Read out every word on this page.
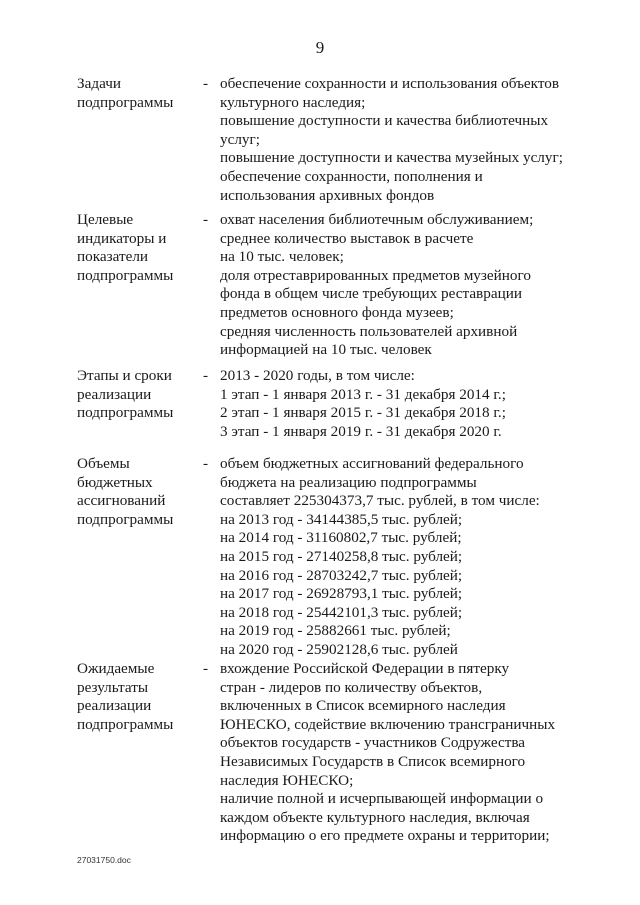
9
Задачи
подпрограммы
- обеспечение сохранности и использования объектов
культурного наследия;
повышение доступности и качества библиотечных
услуг;
повышение доступности и качества музейных услуг;
обеспечение сохранности, пополнения и
использования архивных фондов
Целевые
индикаторы и
показатели
подпрограммы
- охват населения библиотечным обслуживанием;
среднее количество выставок в расчете
на 10 тыс. человек;
доля отреставрированных предметов музейного
фонда в общем числе требующих реставрации
предметов основного фонда музеев;
средняя численность пользователей архивной
информацией на 10 тыс. человек
Этапы и сроки
реализации
подпрограммы
- 2013 - 2020 годы, в том числе:
1 этап - 1 января 2013 г. - 31 декабря 2014 г.;
2 этап - 1 января 2015 г. - 31 декабря 2018 г.;
3 этап - 1 января 2019 г. - 31 декабря 2020 г.
Объемы
бюджетных
ассигнований
подпрограммы
- объем бюджетных ассигнований федерального
бюджета на реализацию подпрограммы
составляет 225304373,7 тыс. рублей, в том числе:
на 2013 год - 34144385,5 тыс. рублей;
на 2014 год - 31160802,7 тыс. рублей;
на 2015 год - 27140258,8 тыс. рублей;
на 2016 год - 28703242,7 тыс. рублей;
на 2017 год - 26928793,1 тыс. рублей;
на 2018 год - 25442101,3 тыс. рублей;
на 2019 год - 25882661 тыс. рублей;
на 2020 год - 25902128,6 тыс. рублей
Ожидаемые
результаты
реализации
подпрограммы
- вхождение Российской Федерации в пятерку
стран - лидеров по количеству объектов,
включенных в Список всемирного наследия
ЮНЕСКО, содействие включению трансграничных
объектов государств - участников Содружества
Независимых Государств в Список всемирного
наследия ЮНЕСКО;
наличие полной и исчерпывающей информации о
каждом объекте культурного наследия, включая
информацию о его предмете охраны и территории;
27031750.doc
